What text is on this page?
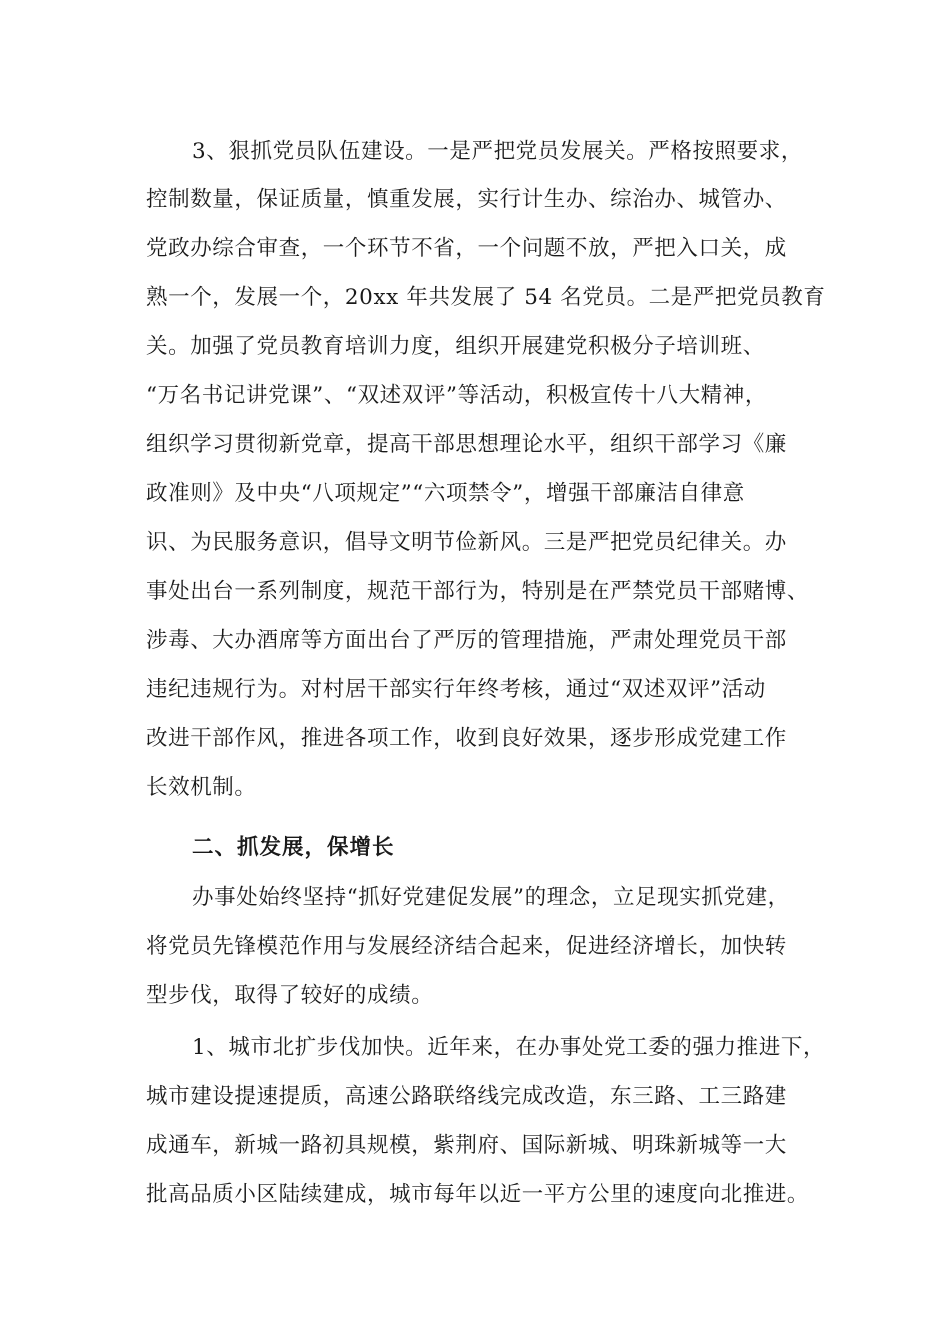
3、狠抓党员队伍建设。一是严把党员发展关。严格按照要求，
控制数量，保证质量，慎重发展，实行计生办、综治办、城管办、
党政办综合审查，一个环节不省，一个问题不放，严把入口关，成
熟一个，发展一个，20xx 年共发展了 54 名党员。二是严把党员教育
关。加强了党员教育培训力度，组织开展建党积极分子培训班、
“万名书记讲党课”、“双述双评”等活动，积极宣传十八大精神，
组织学习贯彻新党章，提高干部思想理论水平，组织干部学习《廉
政准则》及中央“八项规定”“六项禁令”，增强干部廉洁自律意
识、为民服务意识，倡导文明节俭新风。三是严把党员纪律关。办
事处出台一系列制度，规范干部行为，特别是在严禁党员干部赌博、
涉毒、大办酒席等方面出台了严厉的管理措施，严肃处理党员干部
违纪违规行为。对村居干部实行年终考核，通过“双述双评”活动
改进干部作风，推进各项工作，收到良好效果，逐步形成党建工作
长效机制。
二、抓发展，保增长
办事处始终坚持“抓好党建促发展”的理念，立足现实抓党建，
将党员先锋模范作用与发展经济结合起来，促进经济增长，加快转
型步伐，取得了较好的成绩。
1、城市北扩步伐加快。近年来，在办事处党工委的强力推进下，
城市建设提速提质，高速公路联络线完成改造，东三路、工三路建
成通车，新城一路初具规模，紫荆府、国际新城、明珠新城等一大
批高品质小区陆续建成，城市每年以近一平方公里的速度向北推进。
